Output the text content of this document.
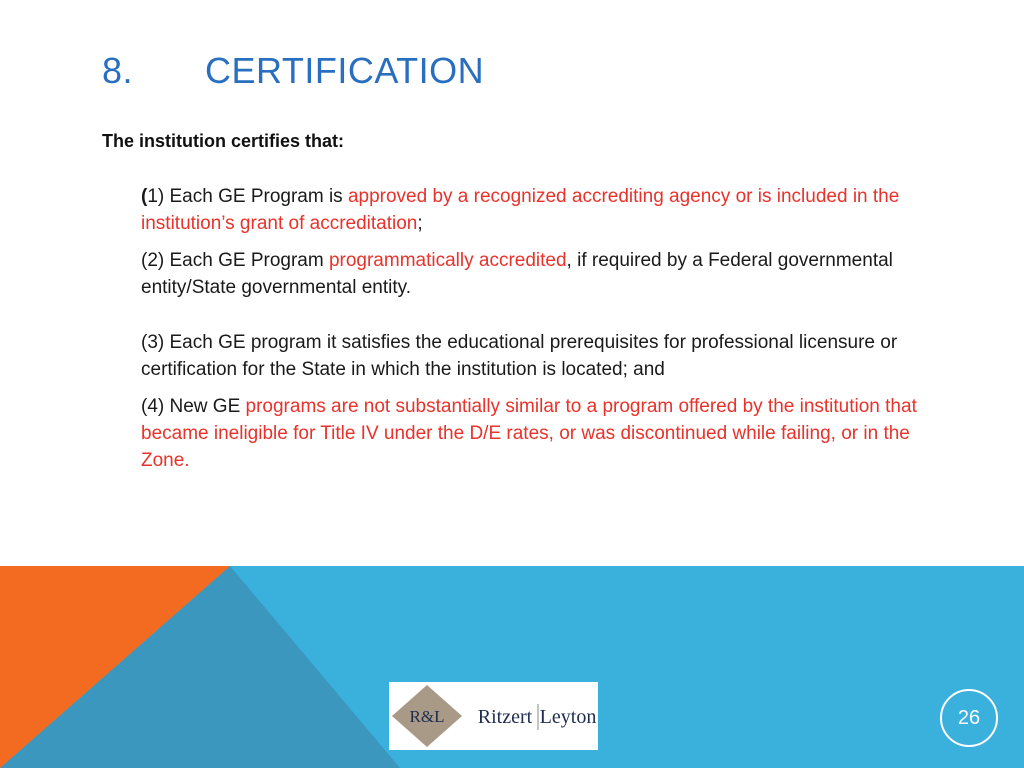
8. CERTIFICATION
The institution certifies that:

(1) Each GE Program is approved by a recognized accrediting agency or is included in the institution’s grant of accreditation;

(2) Each GE Program programmatically accredited, if required by a Federal governmental entity/State governmental entity.

(3) Each GE program it satisfies the educational prerequisites for professional licensure or certification for the State in which the institution is located; and

(4) New GE programs are not substantially similar to a program offered by the institution that became ineligible for Title IV under the D/E rates, or was discontinued while failing, or in the Zone.

R&L Ritzert Leyton	26
